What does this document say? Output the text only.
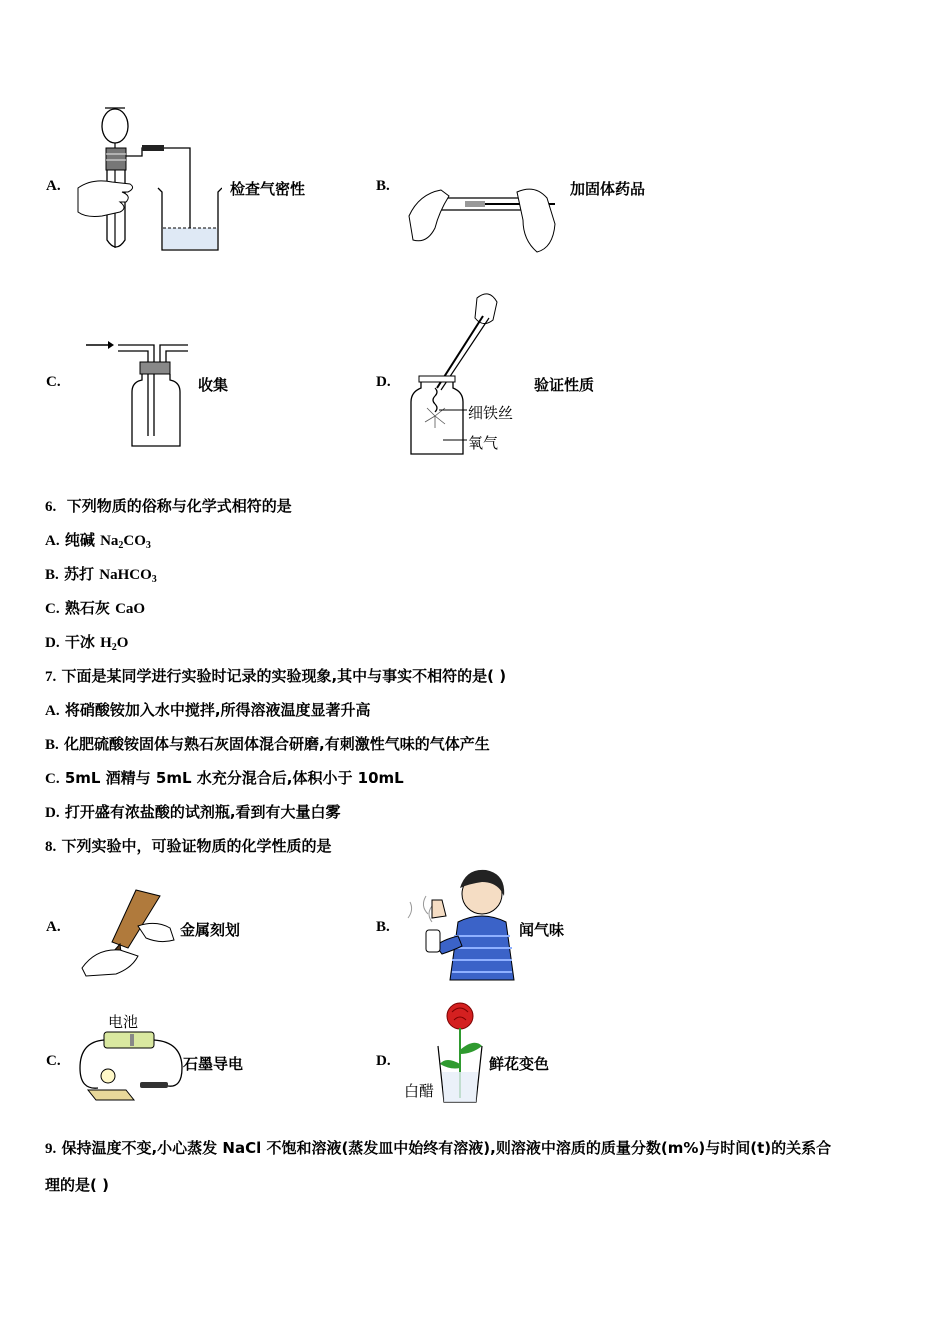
A.	检查气密性	B.	加固体药品
C.	收集	D.
细铁丝
氧气
验证性质
6. 下列物质的俗称与化学式相符的是
A. 纯碱 $Na_2CO_3$
B. 苏打 NaHCO$_3$
C. 熟石灰 CaO
D. 干冰 $H_2O$
7. 下面是某同学进行实验时记录的实验现象,其中与事实不相符的是( )
A. 将硝酸铵加入水中搅拌,所得溶液温度显著升高
B. 化肥硫酸铵固体与熟石灰固体混合研磨,有刺激性气味的气体产生
C. 5mL 酒精与 5mL 水充分混合后,体积小于 10mL
D. 打开盛有浓盐酸的试剂瓶,看到有大量白雾
8. 下列实验中，可验证物质的化学性质的是
A.	金属刻划	B.	闻气味
C.
电池
石墨导电	D.
白醋
鲜花变色
9. 保持温度不变,小心蒸发 NaCl 不饱和溶液(蒸发皿中始终有溶液),则溶液中溶质的质量分数(m%)与时间(t)的关系合
理的是( )
